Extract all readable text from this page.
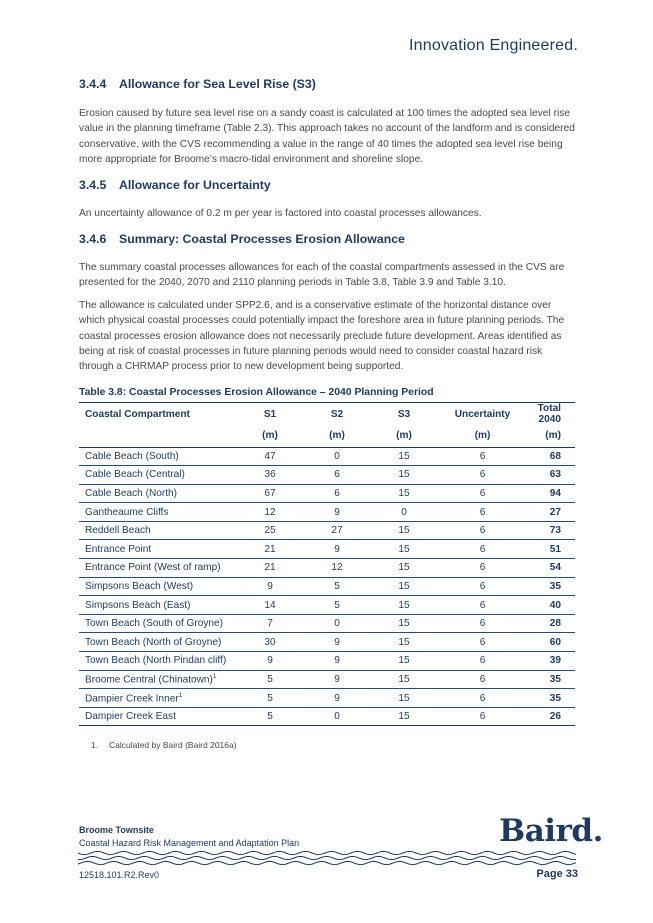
Innovation Engineered.
3.4.4 Allowance for Sea Level Rise (S3)

Erosion caused by future sea level rise on a sandy coast is calculated at 100 times the adopted sea level rise value in the planning timeframe (Table 2.3). This approach takes no account of the landform and is considered conservative, with the CVS recommending a value in the range of 40 times the adopted sea level rise being more appropriate for Broome’s macro-tidal environment and shoreline slope.

3.4.5 Allowance for Uncertainty

An uncertainty allowance of 0.2 m per year is factored into coastal processes allowances.

3.4.6 Summary: Coastal Processes Erosion Allowance

The summary coastal processes allowances for each of the coastal compartments assessed in the CVS are presented for the 2040, 2070 and 2110 planning periods in Table 3.8, Table 3.9 and Table 3.10.

The allowance is calculated under SPP2.6, and is a conservative estimate of the horizontal distance over which physical coastal processes could potentially impact the foreshore area in future planning periods. The coastal processes erosion allowance does not necessarily preclude future development. Areas identified as being at risk of coastal processes in future planning periods would need to consider coastal hazard risk through a CHRMAP process prior to new development being supported.

Table 3.8: Coastal Processes Erosion Allowance – 2040 Planning Period
Coastal Compartment	S1	S2	S3	Uncertainty	Total 2040
	(m)	(m)	(m)	(m)	(m)
Cable Beach (South)	47	0	15	6	68
Cable Beach (Central)	36	6	15	6	63
Cable Beach (North)	67	6	15	6	94
Gantheaume Cliffs	12	9	0	6	27
Reddell Beach	25	27	15	6	73
Entrance Point	21	9	15	6	51
Entrance Point (West of ramp)	21	12	15	6	54
Simpsons Beach (West)	9	5	15	6	35
Simpsons Beach (East)	14	5	15	6	40
Town Beach (South of Groyne)	7	0	15	6	28
Town Beach (North of Groyne)	30	9	15	6	60
Town Beach (North Pindan cliff)	9	9	15	6	39
Broome Central (Chinatown)$^1$	5	9	15	6	35
Dampier Creek Inner$^1$	5	9	15	6	35
Dampier Creek East	5	0	15	6	26
1. Calculated by Baird (Baird 2016a)
Broome Townsite
Coastal Hazard Risk Management and Adaptation Plan	Baird.
12518.101.R2.Rev0	Page 33
